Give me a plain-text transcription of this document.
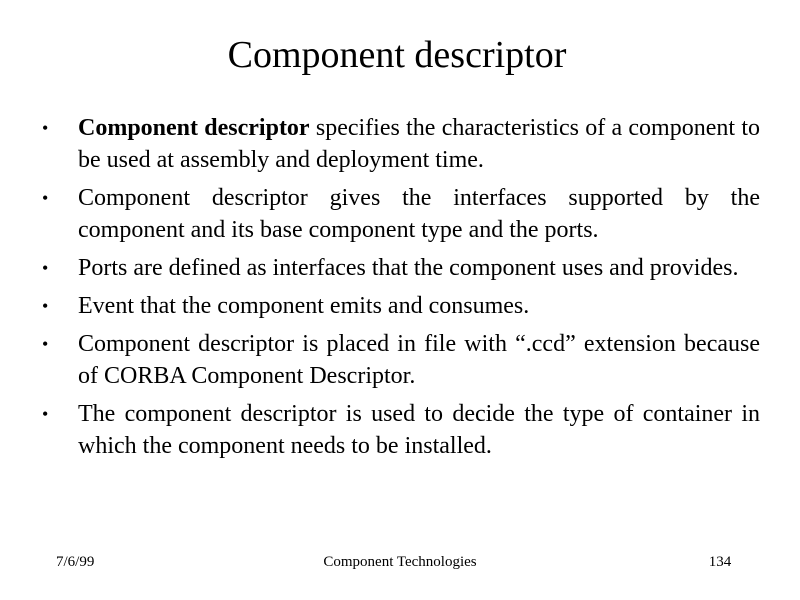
Component descriptor
•	Component descriptor specifies the characteristics of a component to be used at assembly and deployment time.
•	Component descriptor gives the interfaces supported by the component and its base component type and the ports.
•	Ports are defined as interfaces that the component uses and provides.
•	Event that the component emits and consumes.
•	Component descriptor is placed in file with “.ccd” extension because of CORBA Component Descriptor.
•	The component descriptor is used to decide the type of container in which the component needs to be installed.
7/6/99	Component Technologies	134
